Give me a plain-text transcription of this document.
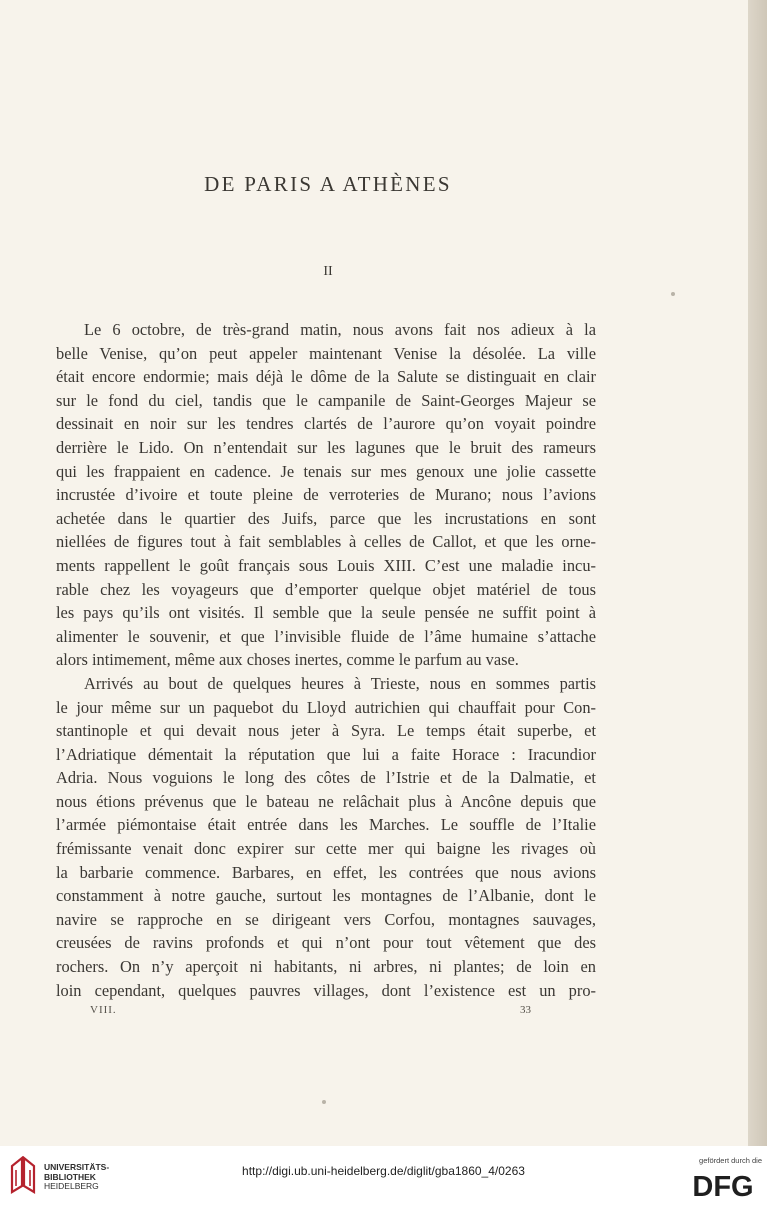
DE PARIS A ATHÈNES
II
Le 6 octobre, de très-grand matin, nous avons fait nos adieux à la
belle Venise, qu’on peut appeler maintenant Venise la désolée. La ville
était encore endormie; mais déjà le dôme de la Salute se distinguait en clair
sur le fond du ciel, tandis que le campanile de Saint-Georges Majeur se
dessinait en noir sur les tendres clartés de l’aurore qu’on voyait poindre
derrière le Lido. On n’entendait sur les lagunes que le bruit des rameurs
qui les frappaient en cadence. Je tenais sur mes genoux une jolie cassette
incrustée d’ivoire et toute pleine de verroteries de Murano; nous l’avions
achetée dans le quartier des Juifs, parce que les incrustations en sont
niellées de figures tout à fait semblables à celles de Callot, et que les orne-
ments rappellent le goût français sous Louis XIII. C’est une maladie incu-
rable chez les voyageurs que d’emporter quelque objet matériel de tous
les pays qu’ils ont visités. Il semble que la seule pensée ne suffit point à
alimenter le souvenir, et que l’invisible fluide de l’âme humaine s’attache
alors intimement, même aux choses inertes, comme le parfum au vase.
Arrivés au bout de quelques heures à Trieste, nous en sommes partis
le jour même sur un paquebot du Lloyd autrichien qui chauffait pour Con-
stantinople et qui devait nous jeter à Syra. Le temps était superbe, et
l’Adriatique démentait la réputation que lui a faite Horace : Iracundior
Adria. Nous voguions le long des côtes de l’Istrie et de la Dalmatie, et
nous étions prévenus que le bateau ne relâchait plus à Ancône depuis que
l’armée piémontaise était entrée dans les Marches. Le souffle de l’Italie
frémissante venait donc expirer sur cette mer qui baigne les rivages où
la barbarie commence. Barbares, en effet, les contrées que nous avions
constamment à notre gauche, surtout les montagnes de l’Albanie, dont le
navire se rapproche en se dirigeant vers Corfou, montagnes sauvages,
creusées de ravins profonds et qui n’ont pour tout vêtement que des
rochers. On n’y aperçoit ni habitants, ni arbres, ni plantes; de loin en
loin cependant, quelques pauvres villages, dont l’existence est un pro-
VIII.	33
UNIVERSITÄTS-
BIBLIOTHEK
HEIDELBERG
http://digi.ub.uni-heidelberg.de/diglit/gba1860_4/0263
gefördert durch die
DFG
